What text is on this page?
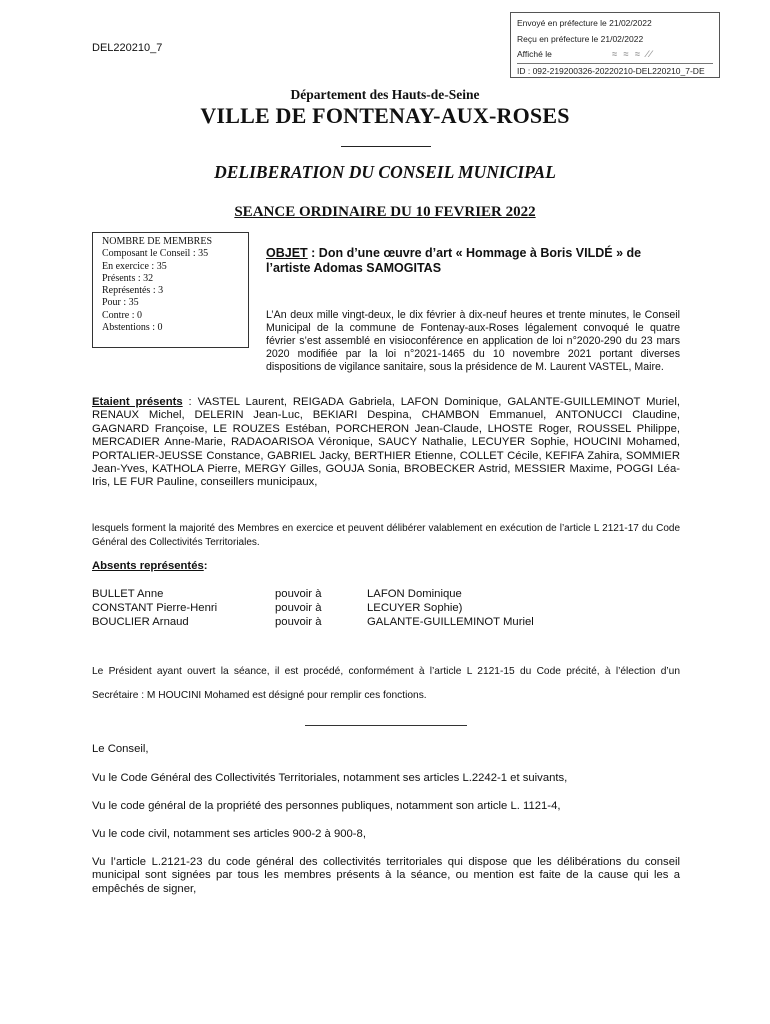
Envoyé en préfecture le 21/02/2022
Reçu en préfecture le 21/02/2022
Affiché le	≈ ≈ ≈ ⁄⁄
ID : 092-219200326-20220210-DEL220210_7-DE
DEL220210_7
Département des Hauts-de-Seine
VILLE DE FONTENAY-AUX-ROSES
DELIBERATION DU CONSEIL MUNICIPAL
SEANCE ORDINAIRE DU 10 FEVRIER 2022
NOMBRE DE MEMBRES
Composant le Conseil : 35
En exercice : 35
Présents : 32
Représentés : 3
Pour : 35
Contre : 0
Abstentions : 0
OBJET : Don d’une œuvre d’art « Hommage à Boris VILDÉ » de l’artiste Adomas SAMOGITAS
L’An deux mille vingt-deux, le dix février à dix-neuf heures et trente minutes, le Conseil Municipal de la commune de Fontenay-aux-Roses légalement convoqué le quatre février s’est assemblé en visioconférence en application de loi n°2020-290 du 23 mars 2020 modifiée par la loi n°2021-1465 du 10 novembre 2021 portant diverses dispositions de vigilance sanitaire, sous la présidence de M. Laurent VASTEL, Maire.
Etaient présents : VASTEL Laurent, REIGADA Gabriela, LAFON Dominique, GALANTE-GUILLEMINOT Muriel, RENAUX Michel, DELERIN Jean-Luc, BEKIARI Despina, CHAMBON Emmanuel, ANTONUCCI Claudine, GAGNARD Françoise, LE ROUZES Estéban, PORCHERON Jean-Claude, LHOSTE Roger, ROUSSEL Philippe, MERCADIER Anne-Marie, RADAOARISOA Véronique, SAUCY Nathalie, LECUYER Sophie, HOUCINI Mohamed, PORTALIER-JEUSSE Constance, GABRIEL Jacky, BERTHIER Etienne, COLLET Cécile, KEFIFA Zahira, SOMMIER Jean-Yves, KATHOLA Pierre, MERGY Gilles, GOUJA Sonia, BROBECKER Astrid, MESSIER Maxime, POGGI Léa-Iris, LE FUR Pauline, conseillers municipaux,
lesquels forment la majorité des Membres en exercice et peuvent délibérer valablement en exécution de l’article L 2121-17 du Code Général des Collectivités Territoriales.
Absents représentés:
BULLET Anne	pouvoir à	LAFON Dominique
CONSTANT Pierre-Henri	pouvoir à	LECUYER Sophie)
BOUCLIER Arnaud	pouvoir à	GALANTE-GUILLEMINOT Muriel
Le Président ayant ouvert la séance, il est procédé, conformément à l’article L 2121-15 du Code précité, à l’élection d’un Secrétaire : M HOUCINI Mohamed est désigné pour remplir ces fonctions.
Le Conseil,
Vu le Code Général des Collectivités Territoriales, notamment ses articles L.2242-1 et suivants,
Vu le code général de la propriété des personnes publiques, notamment son article L. 1121-4,
Vu le code civil, notamment ses articles 900-2 à 900-8,
Vu l’article L.2121-23 du code général des collectivités territoriales qui dispose que les délibérations du conseil municipal sont signées par tous les membres présents à la séance, ou mention est faite de la cause qui les a empêchés de signer,
